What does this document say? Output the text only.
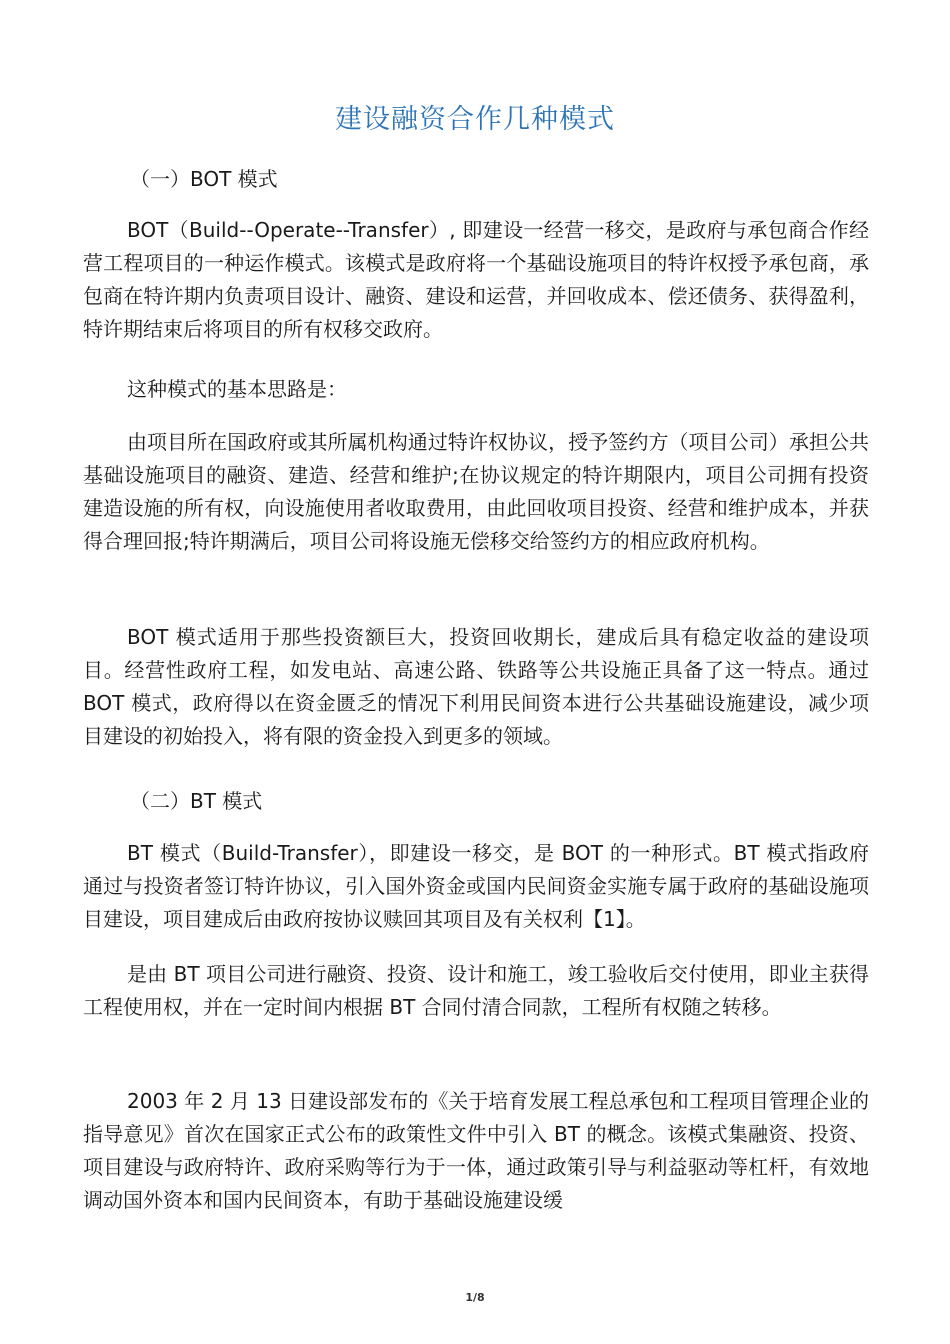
建设融资合作几种模式
（一）BOT 模式

BOT（Build--Operate--Transfer）, 即建设一经营一移交，是政府与承包商合作经营工程项目的一种运作模式。该模式是政府将一个基础设施项目的特许权授予承包商，承包商在特许期内负责项目设计、融资、建设和运营，并回收成本、偿还债务、获得盈利，特许期结束后将项目的所有权移交政府。

这种模式的基本思路是：

由项目所在国政府或其所属机构通过特许权协议，授予签约方（项目公司）承担公共基础设施项目的融资、建造、经营和维护;在协议规定的特许期限内，项目公司拥有投资建造设施的所有权，向设施使用者收取费用，由此回收项目投资、经营和维护成本，并获得合理回报;特许期满后，项目公司将设施无偿移交给签约方的相应政府机构。

BOT 模式适用于那些投资额巨大，投资回收期长，建成后具有稳定收益的建设项目。经营性政府工程，如发电站、高速公路、铁路等公共设施正具备了这一特点。通过 BOT 模式，政府得以在资金匮乏的情况下利用民间资本进行公共基础设施建设，减少项目建设的初始投入，将有限的资金投入到更多的领域。

（二）BT 模式

BT 模式（Build-Transfer），即建设一移交，是 BOT 的一种形式。BT 模式指政府通过与投资者签订特许协议，引入国外资金或国内民间资金实施专属于政府的基础设施项目建设，项目建成后由政府按协议赎回其项目及有关权利【1】。

是由 BT 项目公司进行融资、投资、设计和施工，竣工验收后交付使用，即业主获得工程使用权，并在一定时间内根据 BT 合同付清合同款，工程所有权随之转移。

2003 年 2 月 13 日建设部发布的《关于培育发展工程总承包和工程项目管理企业的指导意见》首次在国家正式公布的政策性文件中引入 BT 的概念。该模式集融资、投资、项目建设与政府特许、政府采购等行为于一体，通过政策引导与利益驱动等杠杆，有效地调动国外资本和国内民间资本，有助于基础设施建设缓

1/8
